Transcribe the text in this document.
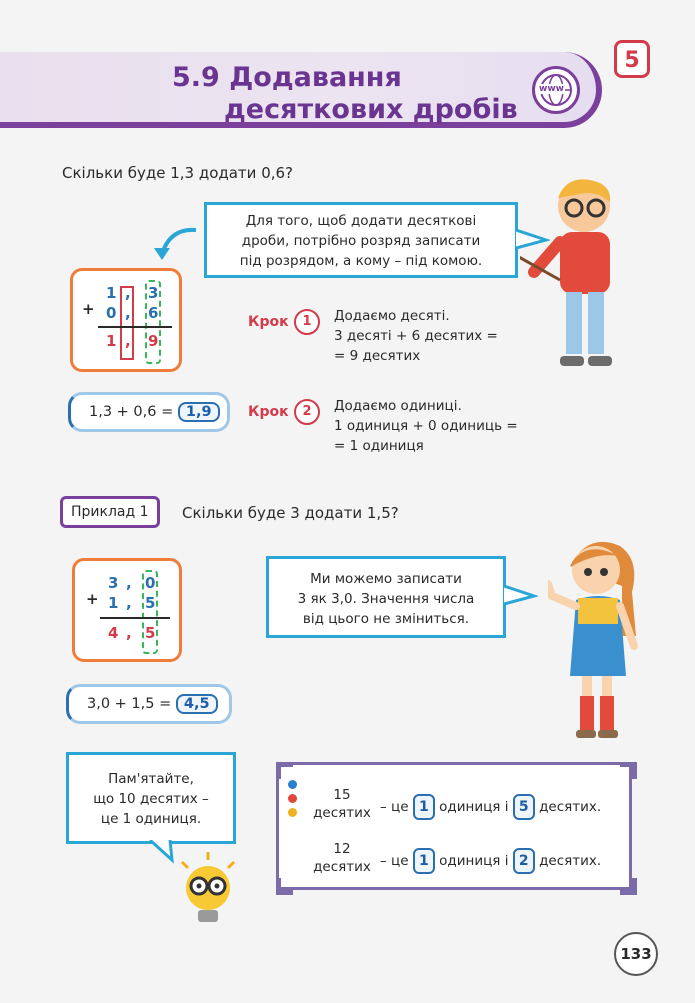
5.9 Додавання
десяткових дробів
www
5
Скільки буде 1,3 додати 0,6?
Для того, щоб додати десяткові
дроби, потрібно розряд записати
під розрядом, а кому – під комою.
+
1 , 3
0 , 6
1 , 9
Крок	1	Додаємо десяті.
3 десяті + 6 десятих =
= 9 десятих
1,3 + 0,6 = 1,9	Крок	2	Додаємо одиниці.
1 одиниця + 0 одиниць =
= 1 одиниця
Приклад 1	Скільки буде 3 додати 1,5?
Ми можемо записати
3 як 3,0. Значення числа
від цього не зміниться.
+
3 , 0
1 , 5
4 , 5
3,0 + 1,5 = 4,5
Пам'ятайте,
що 10 десятих –
це 1 одиниця.
15
десятих – це 1 одиниця і 5 десятих.
12
десятих – це 1 одиниця і 2 десятих.
133
